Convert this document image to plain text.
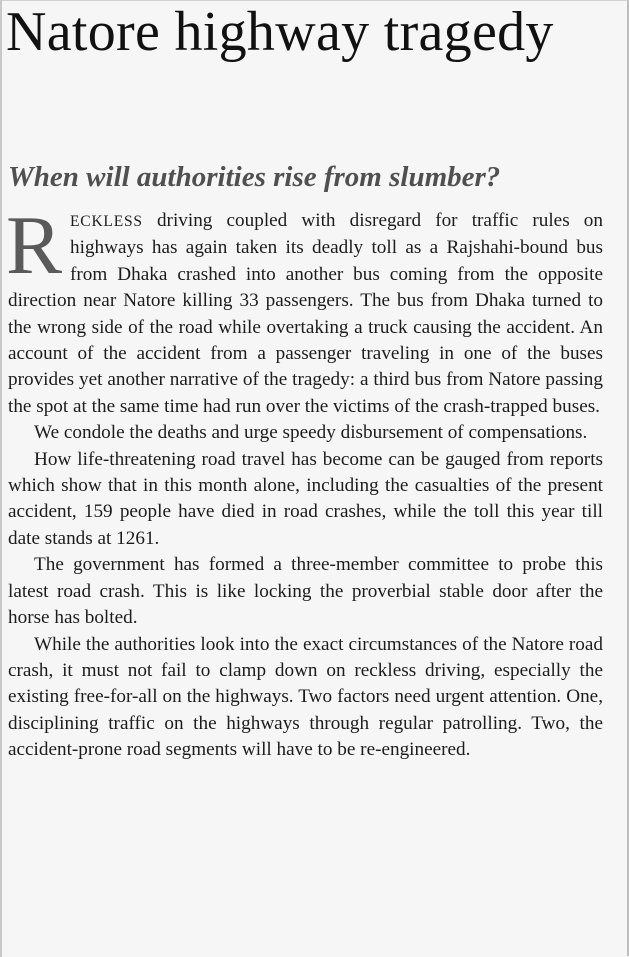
Natore highway tragedy
When will authorities rise from slumber?

RECKLESS driving coupled with disregard for traffic rules on highways has again taken its deadly toll as a Rajshahi-bound bus from Dhaka crashed into another bus coming from the opposite direction near Natore killing 33 passengers. The bus from Dhaka turned to the wrong side of the road while overtaking a truck causing the accident. An account of the accident from a passenger traveling in one of the buses provides yet another narrative of the tragedy: a third bus from Natore passing the spot at the same time had run over the victims of the crash-trapped buses.

We condole the deaths and urge speedy disbursement of compensations.

How life-threatening road travel has become can be gauged from reports which show that in this month alone, including the casualties of the present accident, 159 people have died in road crashes, while the toll this year till date stands at 1261.

The government has formed a three-member committee to probe this latest road crash. This is like locking the proverbial stable door after the horse has bolted.

While the authorities look into the exact circumstances of the Natore road crash, it must not fail to clamp down on reckless driving, especially the existing free-for-all on the highways. Two factors need urgent attention. One, disciplining traffic on the highways through regular patrolling. Two, the accident-prone road segments will have to be re-engineered.
